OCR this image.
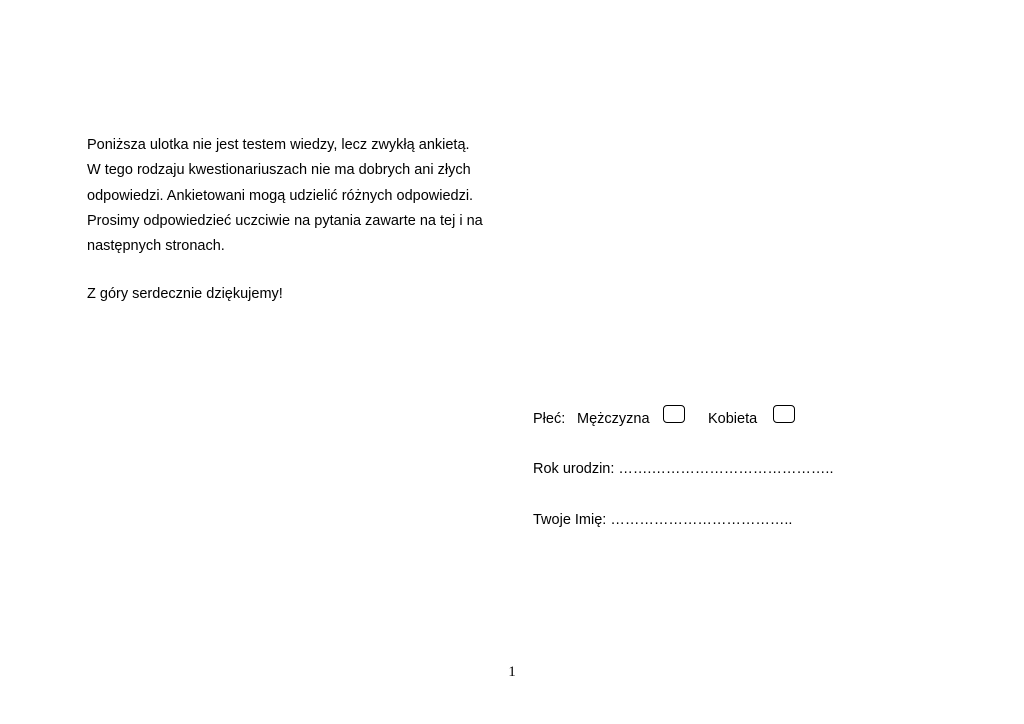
Poniższa ulotka nie jest testem wiedzy, lecz zwykłą ankietą.
W tego rodzaju kwestionariuszach nie ma dobrych ani złych
odpowiedzi. Ankietowani mogą udzielić różnych odpowiedzi.
Prosimy odpowiedzieć uczciwie na pytania zawarte na tej i na
następnych stronach.
Z góry serdecznie dziękujemy!
Płeć: Mężczyzna	Kobieta
Rok urodzin: …….………………………………..
Twoje Imię: ………………………………..
1
